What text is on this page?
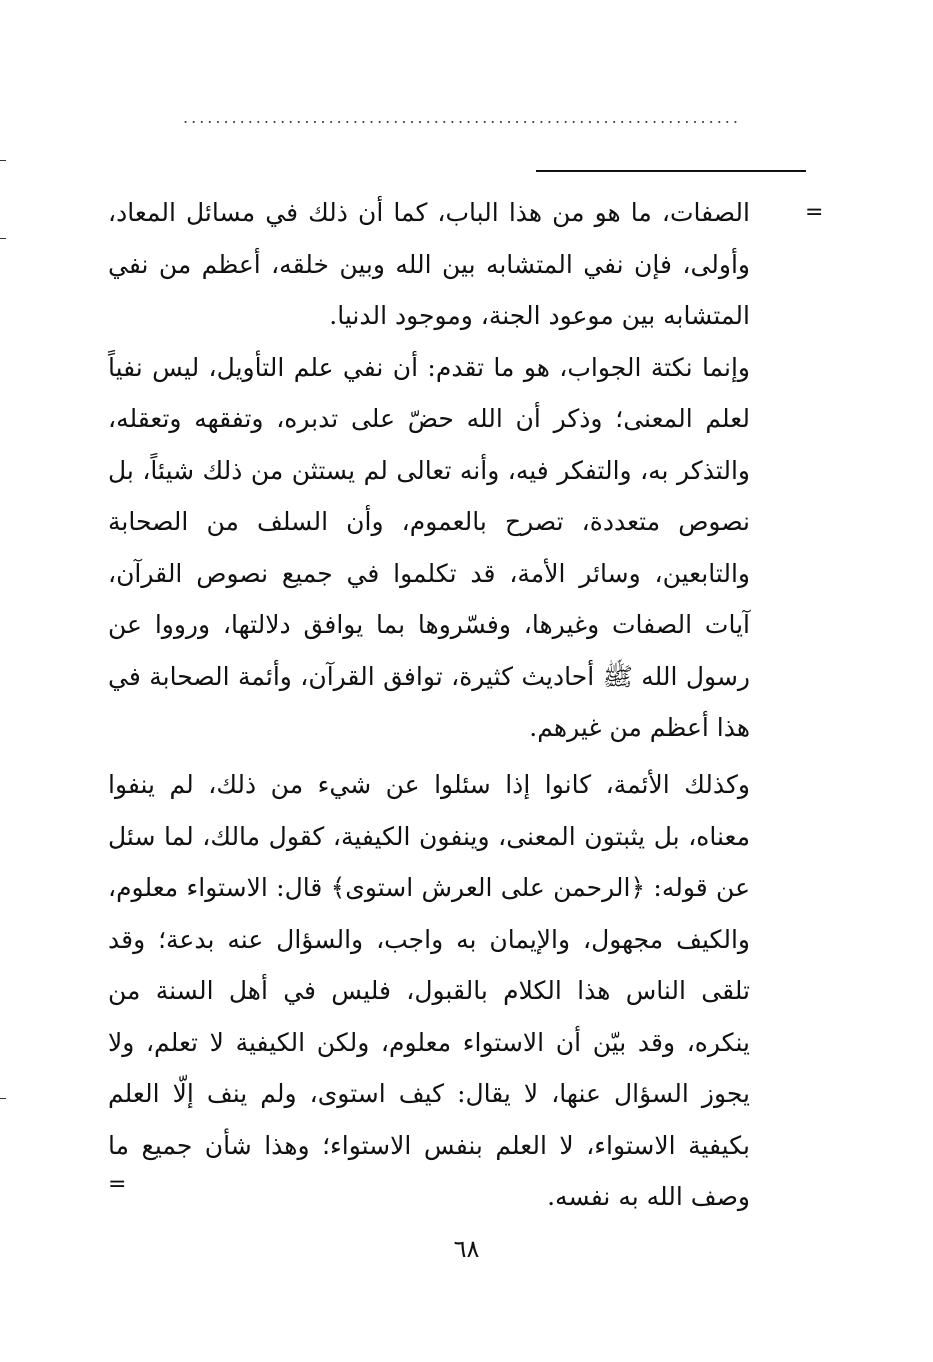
.....................................................................
=

الصفات، ما هو من هذا الباب، كما أن ذلك في مسائل المعاد، وأولى، فإن نفي المتشابه بين الله وبين خلقه، أعظم من نفي المتشابه بين موعود الجنة، وموجود الدنيا.

وإنما نكتة الجواب، هو ما تقدم: أن نفي علم التأويل، ليس نفياً لعلم المعنى؛ وذكر أن الله حضّ على تدبره، وتفقهه وتعقله، والتذكر به، والتفكر فيه، وأنه تعالى لم يستثن من ذلك شيئاً، بل نصوص متعددة، تصرح بالعموم، وأن السلف من الصحابة والتابعين، وسائر الأمة، قد تكلموا في جميع نصوص القرآن، آيات الصفات وغيرها، وفسّروها بما يوافق دلالتها، ورووا عن رسول الله ﷺ أحاديث كثيرة، توافق القرآن، وأئمة الصحابة في هذا أعظم من غيرهم.

وكذلك الأئمة، كانوا إذا سئلوا عن شيء من ذلك، لم ينفوا معناه، بل يثبتون المعنى، وينفون الكيفية، كقول مالك، لما سئل عن قوله: ﴿الرحمن على العرش استوى﴾ قال: الاستواء معلوم، والكيف مجهول، والإيمان به واجب، والسؤال عنه بدعة؛ وقد تلقى الناس هذا الكلام بالقبول، فليس في أهل السنة من ينكره، وقد بيّن أن الاستواء معلوم، ولكن الكيفية لا تعلم، ولا يجوز السؤال عنها، لا يقال: كيف استوى، ولم ينف إلّا العلم بكيفية الاستواء، لا العلم بنفس الاستواء؛ وهذا شأن جميع ما وصف الله به نفسه.

=
٦٨
